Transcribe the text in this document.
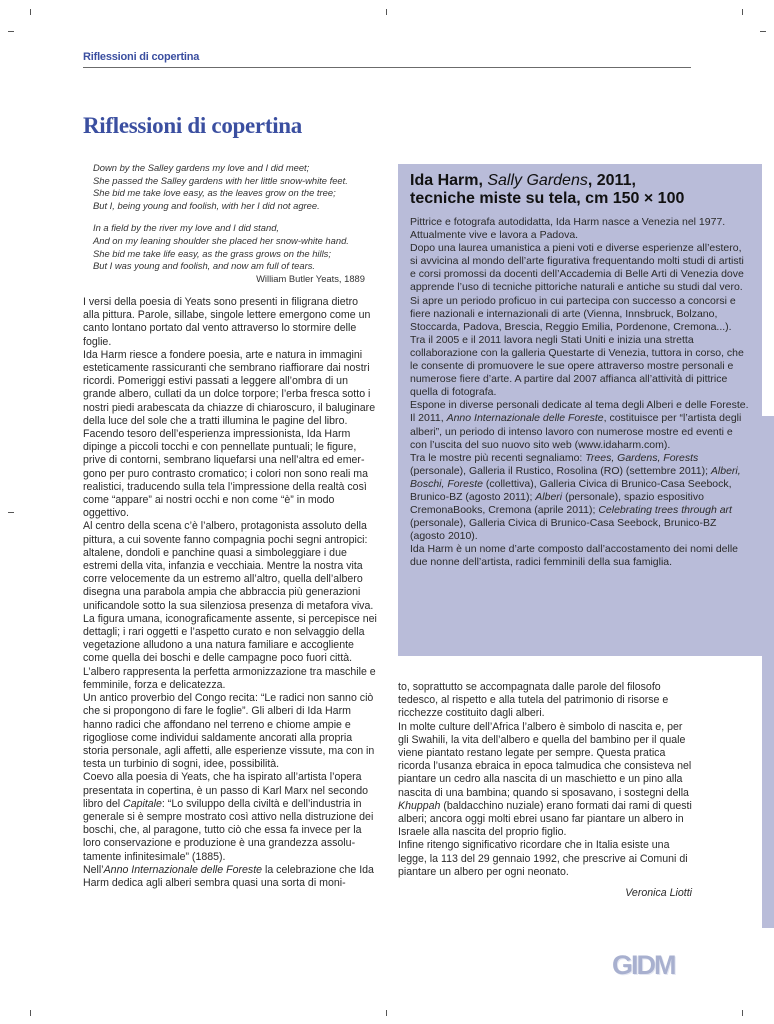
Riflessioni di copertina
Riflessioni di copertina
Down by the Salley gardens my love and I did meet;
She passed the Salley gardens with her little snow-white feet.
She bid me take love easy, as the leaves grow on the tree;
But I, being young and foolish, with her I did not agree.
In a field by the river my love and I did stand,
And on my leaning shoulder she placed her snow-white hand.
She bid me take life easy, as the grass grows on the hills;
But I was young and foolish, and now am full of tears.
William Butler Yeats, 1889

I versi della poesia di Yeats sono presenti in filigrana dietro alla pittura. Parole, sillabe, singole lettere emergono come un canto lontano portato dal vento attraverso lo stormire delle foglie.

Ida Harm riesce a fondere poesia, arte e natura in immagini esteticamente rassicuranti che sembrano riaffiorare dai nostri ricordi. Pomeriggi estivi passati a leggere all’ombra di un grande albero, cullati da un dolce torpore; l’erba fresca sotto i nostri piedi arabescata da chiazze di chiaroscuro, il baluginare della luce del sole che a tratti illumina le pagine del libro. Facendo tesoro dell’esperienza impressionista, Ida Harm dipinge a piccoli tocchi e con pennellate puntuali; le figure, prive di contorni, sembrano liquefarsi una nell’altra ed emergono per puro contrasto cromatico; i colori non sono reali ma realistici, traducendo sulla tela l’impressione della realtà così come “appare” ai nostri occhi e non come “è” in modo oggettivo.

Al centro della scena c’è l’albero, protagonista assoluto della pittura, a cui sovente fanno compagnia pochi segni antropici: altalene, dondoli e panchine quasi a simboleggiare i due estremi della vita, infanzia e vecchiaia. Mentre la nostra vita corre velocemente da un estremo all’altro, quella dell’albero disegna una parabola ampia che abbraccia più generazioni unificandole sotto la sua silenziosa presenza di metafora viva.

La figura umana, iconograficamente assente, si percepisce nei dettagli; i rari oggetti e l’aspetto curato e non selvaggio della vegetazione alludono a una natura familiare e accogliente come quella dei boschi e delle campagne poco fuori città.

L’albero rappresenta la perfetta armonizzazione tra maschile e femminile, forza e delicatezza.

Un antico proverbio del Congo recita: “Le radici non sanno ciò che si propongono di fare le foglie”. Gli alberi di Ida Harm hanno radici che affondano nel terreno e chiome ampie e rigogliose come individui saldamente ancorati alla propria storia personale, agli affetti, alle esperienze vissute, ma con in testa un turbinio di sogni, idee, possibilità.

Coevo alla poesia di Yeats, che ha ispirato all’artista l’opera presentata in copertina, è un passo di Karl Marx nel secondo libro del Capitale: “Lo sviluppo della civiltà e dell’industria in generale si è sempre mostrato così attivo nella distruzione dei boschi, che, al paragone, tutto ciò che essa fa invece per la loro conservazione e produzione è una grandezza assolutamente infinitesimale” (1885).

Nell’Anno Internazionale delle Foreste la celebrazione che Ida Harm dedica agli alberi sembra quasi una sorta di moni-

Ida Harm, Sally Gardens, 2011,
tecniche miste su tela, cm 150 × 100

Pittrice e fotografa autodidatta, Ida Harm nasce a Venezia nel 1977. Attualmente vive e lavora a Padova.

Dopo una laurea umanistica a pieni voti e diverse esperienze all’estero, si avvicina al mondo dell’arte figurativa frequentando molti studi di artisti e corsi promossi da docenti dell’Accademia di Belle Arti di Venezia dove apprende l’uso di tecniche pittoriche naturali e antiche su studi dal vero.

Si apre un periodo proficuo in cui partecipa con successo a concorsi e fiere nazionali e internazionali di arte (Vienna, Innsbruck, Bolzano, Stoccarda, Padova, Brescia, Reggio Emilia, Pordenone, Cremona...).

Tra il 2005 e il 2011 lavora negli Stati Uniti e inizia una stretta collaborazione con la galleria Questarte di Venezia, tuttora in corso, che le consente di promuovere le sue opere attraverso mostre personali e numerose fiere d’arte. A partire dal 2007 affianca all’attività di pittrice quella di fotografa.

Espone in diverse personali dedicate al tema degli Alberi e delle Foreste. Il 2011, Anno Internazionale delle Foreste, costituisce per “l’artista degli alberi”, un periodo di intenso lavoro con numerose mostre ed eventi e con l’uscita del suo nuovo sito web (www.idaharm.com).

Tra le mostre più recenti segnaliamo: Trees, Gardens, Forests (personale), Galleria il Rustico, Rosolina (RO) (settembre 2011); Alberi, Boschi, Foreste (collettiva), Galleria Civica di Brunico-Casa Seebock, Brunico-BZ (agosto 2011); Alberi (personale), spazio espositivo CremonaBooks, Cremona (aprile 2011); Celebrating trees through art (personale), Galleria Civica di Brunico-Casa Seebock, Brunico-BZ (agosto 2010).

Ida Harm è un nome d’arte composto dall’accostamento dei nomi delle due nonne dell’artista, radici femminili della sua famiglia.

to, soprattutto se accompagnata dalle parole del filosofo tedesco, al rispetto e alla tutela del patrimonio di risorse e ricchezze costituito dagli alberi.

In molte culture dell’Africa l’albero è simbolo di nascita e, per gli Swahili, la vita dell’albero e quella del bambino per il quale viene piantato restano legate per sempre. Questa pratica ricorda l’usanza ebraica in epoca talmudica che consisteva nel piantare un cedro alla nascita di un maschietto e un pino alla nascita di una bambina; quando si sposavano, i sostegni della Khuppah (baldacchino nuziale) erano formati dai rami di questi alberi; ancora oggi molti ebrei usano far piantare un albero in Israele alla nascita del proprio figlio.

Infine ritengo significativo ricordare che in Italia esiste una legge, la 113 del 29 gennaio 1992, che prescrive ai Comuni di piantare un albero per ogni neonato.

Veronica Liotti

GIDM
